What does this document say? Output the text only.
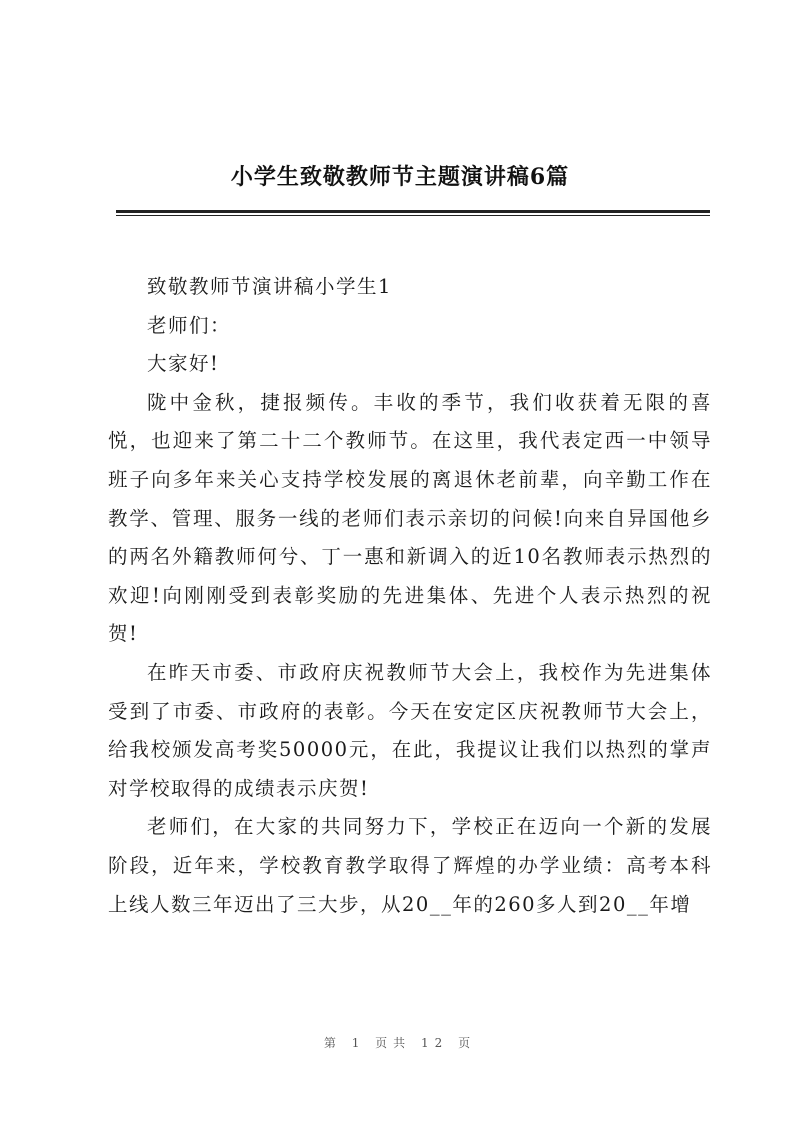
小学生致敬教师节主题演讲稿6篇

致敬教师节演讲稿小学生1

老师们：

大家好!

陇中金秋，捷报频传。丰收的季节，我们收获着无限的喜悦，也迎来了第二十二个教师节。在这里，我代表定西一中领导班子向多年来关心支持学校发展的离退休老前辈，向辛勤工作在教学、管理、服务一线的老师们表示亲切的问候!向来自异国他乡的两名外籍教师何兮、丁一惠和新调入的近10名教师表示热烈的欢迎!向刚刚受到表彰奖励的先进集体、先进个人表示热烈的祝贺!

在昨天市委、市政府庆祝教师节大会上，我校作为先进集体受到了市委、市政府的表彰。今天在安定区庆祝教师节大会上，给我校颁发高考奖50000元，在此，我提议让我们以热烈的掌声对学校取得的成绩表示庆贺!

老师们，在大家的共同努力下，学校正在迈向一个新的发展阶段，近年来，学校教育教学取得了辉煌的办学业绩：高考本科上线人数三年迈出了三大步，从20__年的260多人到20__年增

第 1 页共 12 页
